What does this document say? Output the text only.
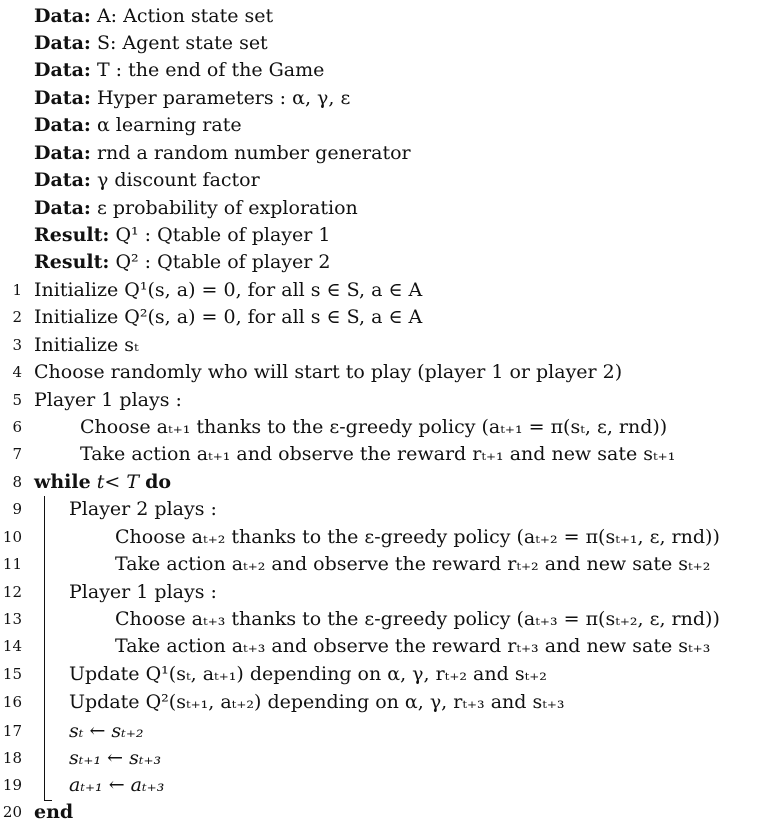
Data: A: Action state set
Data: S: Agent state set
Data: T : the end of the Game
Data: Hyper parameters : α, γ, ε
Data: α learning rate
Data: rnd a random number generator
Data: γ discount factor
Data: ε probability of exploration
Result: Q¹ : Qtable of player 1
Result: Q² : Qtable of player 2
1 Initialize Q¹(s, a) = 0, for all s ∈ S, a ∈ A
2 Initialize Q²(s, a) = 0, for all s ∈ S, a ∈ A
3 Initialize sₜ
4 Choose randomly who will start to play (player 1 or player 2)
5 Player 1 plays :
6	Choose aₜ₊₁ thanks to the ε-greedy policy (aₜ₊₁ = π(sₜ, ε, rnd))
7	Take action aₜ₊₁ and observe the reward rₜ₊₁ and new sate sₜ₊₁
8 while t< T do
9 Player 2 plays :
10	Choose aₜ₊₂ thanks to the ε-greedy policy (aₜ₊₂ = π(sₜ₊₁, ε, rnd))
11	Take action aₜ₊₂ and observe the reward rₜ₊₂ and new sate sₜ₊₂
12 Player 1 plays :
13	Choose aₜ₊₃ thanks to the ε-greedy policy (aₜ₊₃ = π(sₜ₊₂, ε, rnd))
14	Take action aₜ₊₃ and observe the reward rₜ₊₃ and new sate sₜ₊₃
15 Update Q¹(sₜ, aₜ₊₁) depending on α, γ, rₜ₊₂ and sₜ₊₂
16 Update Q²(sₜ₊₁, aₜ₊₂) depending on α, γ, rₜ₊₃ and sₜ₊₃
17 sₜ ← sₜ₊₂
18 sₜ₊₁ ← sₜ₊₃
19 aₜ₊₁ ← aₜ₊₃
20 end
